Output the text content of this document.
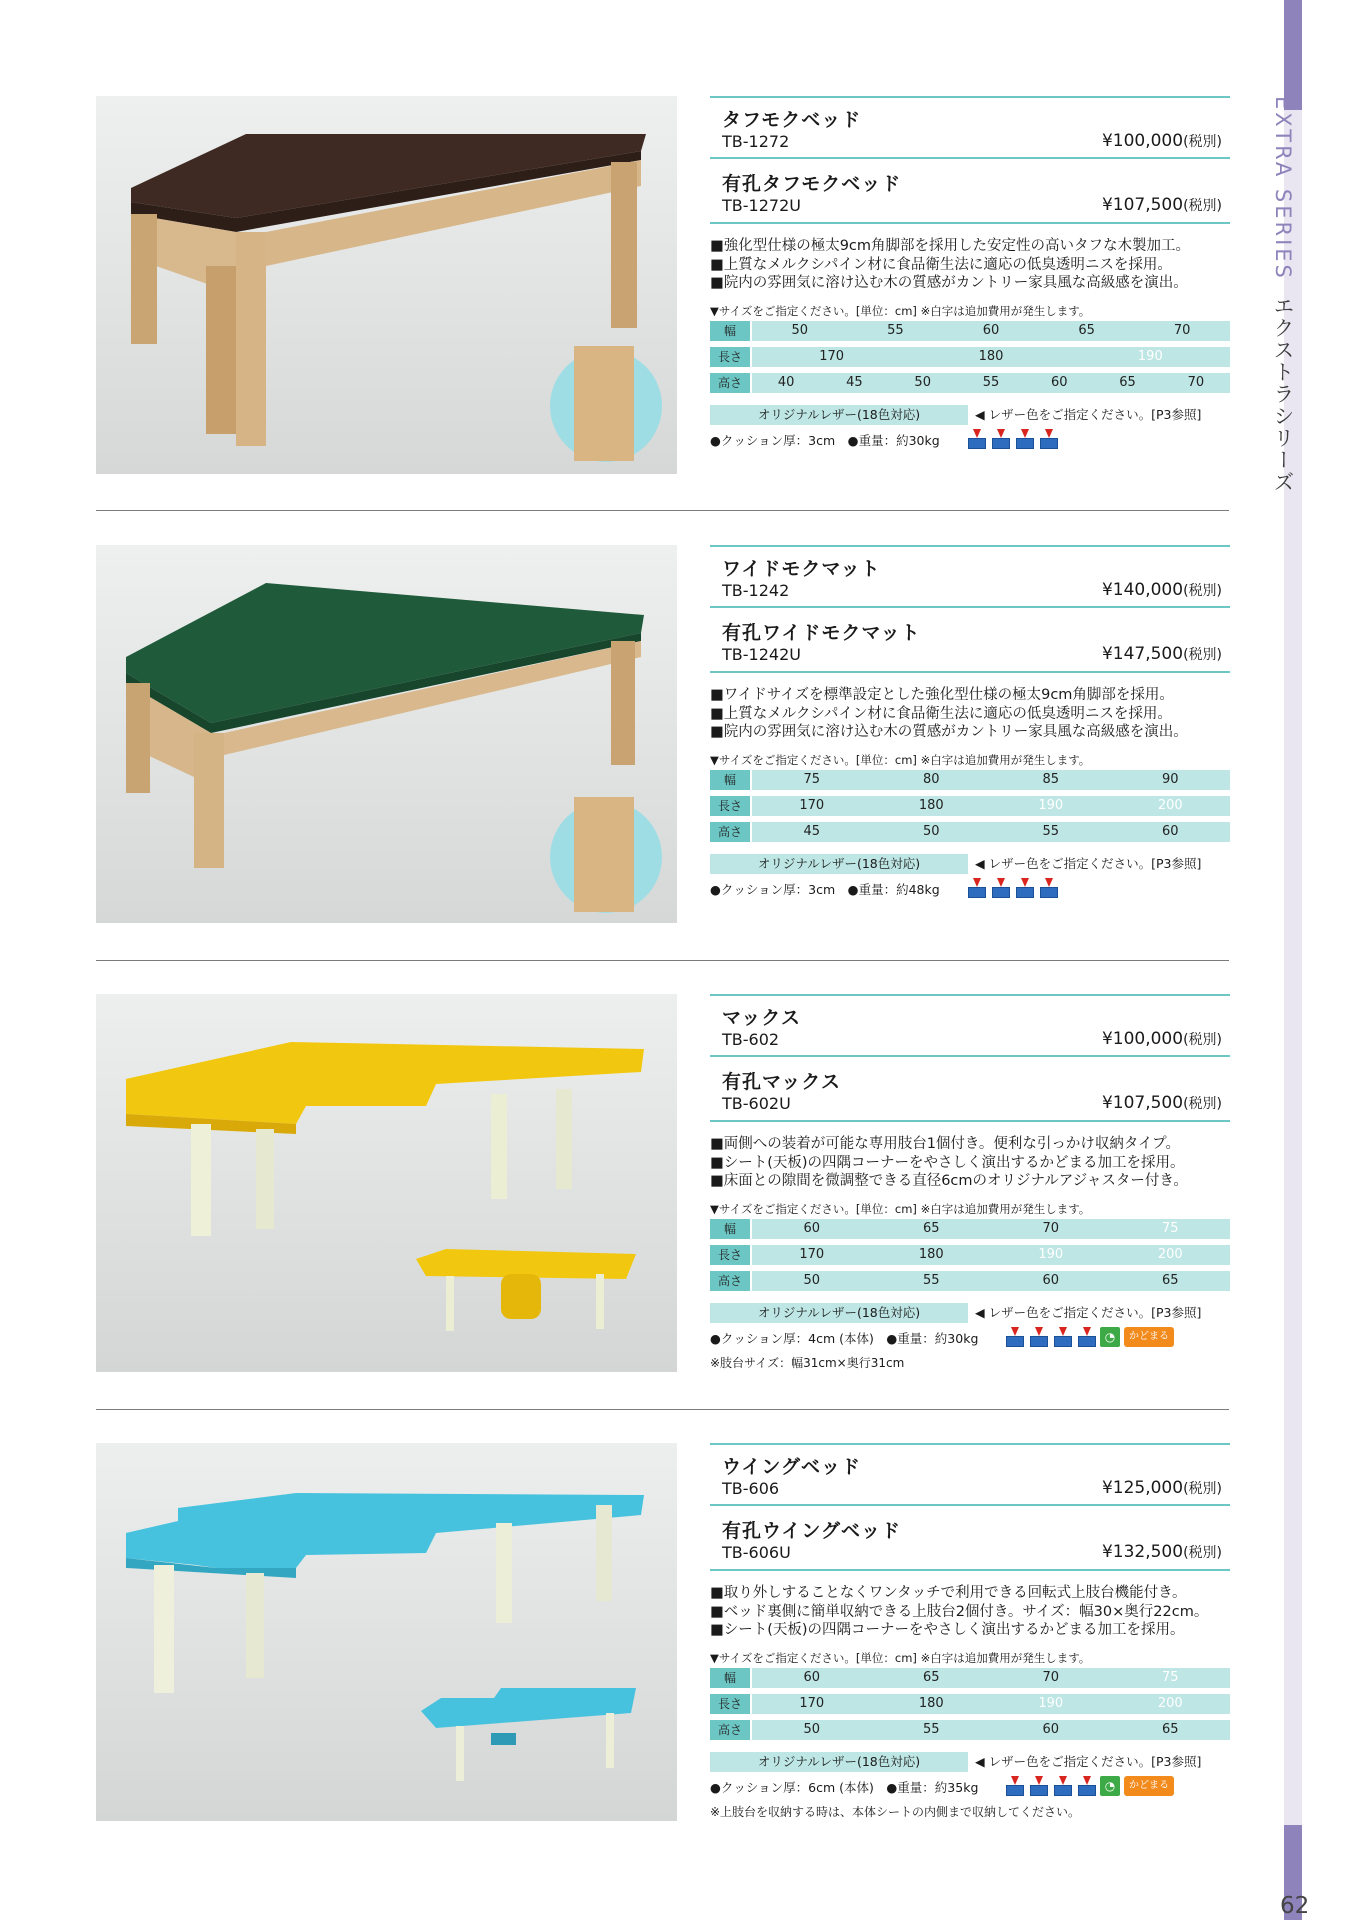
EXTRA SERIESエクストラシリーズ
タフモクベッド
TB-1272	¥100,000(税別)
有孔タフモクベッド
TB-1272U	¥107,500(税別)
■強化型仕様の極太9cm角脚部を採用した安定性の高いタフな木製加工。
■上質なメルクシパイン材に食品衛生法に適応の低臭透明ニスを採用。
■院内の雰囲気に溶け込む木の質感がカントリー家具風な高級感を演出。
▼サイズをご指定ください。[単位：cm] ※白字は追加費用が発生します。
幅	50	55	60	65	70
長さ	170	180	190
高さ	40	45	50	55	60	65	70
オリジナルレザー(18色対応)	◀ レザー色をご指定ください。[P3参照]
●クッション厚：3cm　●重量：約30kg
ワイドモクマット
TB-1242	¥140,000(税別)
有孔ワイドモクマット
TB-1242U	¥147,500(税別)
■ワイドサイズを標準設定とした強化型仕様の極太9cm角脚部を採用。
■上質なメルクシパイン材に食品衛生法に適応の低臭透明ニスを採用。
■院内の雰囲気に溶け込む木の質感がカントリー家具風な高級感を演出。
▼サイズをご指定ください。[単位：cm] ※白字は追加費用が発生します。
幅	75	80	85	90
長さ	170	180	190	200
高さ	45	50	55	60
オリジナルレザー(18色対応)	◀ レザー色をご指定ください。[P3参照]
●クッション厚：3cm　●重量：約48kg
マックス
TB-602	¥100,000(税別)
有孔マックス
TB-602U	¥107,500(税別)
■両側への装着が可能な専用肢台1個付き。便利な引っかけ収納タイプ。
■シート(天板)の四隅コーナーをやさしく演出するかどまる加工を採用。
■床面との隙間を微調整できる直径6cmのオリジナルアジャスター付き。
▼サイズをご指定ください。[単位：cm] ※白字は追加費用が発生します。
幅	60	65	70	75
長さ	170	180	190	200
高さ	50	55	60	65
オリジナルレザー(18色対応)	◀ レザー色をご指定ください。[P3参照]
●クッション厚：4cm (本体)　●重量：約30kg	◔ かどまる
※肢台サイズ：幅31cm×奥行31cm
ウイングベッド
TB-606	¥125,000(税別)
有孔ウイングベッド
TB-606U	¥132,500(税別)
■取り外しすることなくワンタッチで利用できる回転式上肢台機能付き。
■ベッド裏側に簡単収納できる上肢台2個付き。サイズ：幅30×奥行22cm。
■シート(天板)の四隅コーナーをやさしく演出するかどまる加工を採用。
▼サイズをご指定ください。[単位：cm] ※白字は追加費用が発生します。
幅	60	65	70	75
長さ	170	180	190	200
高さ	50	55	60	65
オリジナルレザー(18色対応)	◀ レザー色をご指定ください。[P3参照]
●クッション厚：6cm (本体)　●重量：約35kg	◔ かどまる
※上肢台を収納する時は、本体シートの内側まで収納してください。
62
